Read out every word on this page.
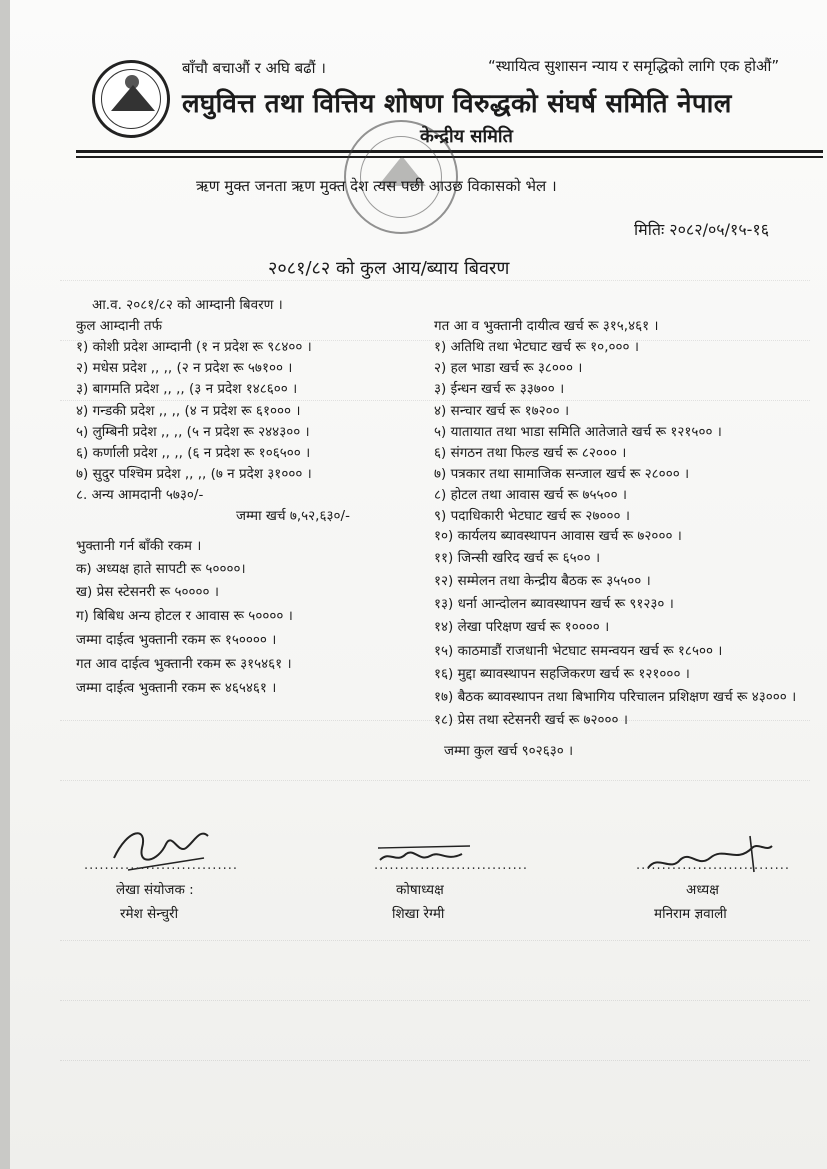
बाँचौ बचाऔं र अघि बढौं ।	“स्थायित्व सुशासन न्याय र समृद्धिको लागि एक होऔं”
लघुवित्त तथा वित्तिय शोषण विरुद्धको संघर्ष समिति नेपाल
केन्द्रीय समिति
ऋण मुक्त जनता ऋण मुक्त देश त्यस पछी आउछ विकासको भेल ।
मितिः २०८२/०५/१५-१६
२०८१/८२ को कुल आय/ब्याय बिवरण
आ.व. २०८१/८२ को आम्दानी बिवरण ।
कुल आम्दानी तर्फ
१) कोशी प्रदेश आम्दानी (१ न प्रदेश रू ९८४०० ।
२) मधेस प्रदेश ,, ,, (२ न प्रदेश रू ५७१०० ।
३) बागमति प्रदेश ,, ,, (३ न प्रदेश १४८६०० ।
४) गन्डकी प्रदेश ,, ,, (४ न प्रदेश रू ६१००० ।
५) लुम्बिनी प्रदेश ,, ,, (५ न प्रदेश रू २४४३०० ।
६) कर्णाली प्रदेश ,, ,, (६ न प्रदेश रू १०६५०० ।
७) सुदुर पश्चिम प्रदेश ,, ,, (७ न प्रदेश ३१००० ।
८. अन्य आमदानी ५७३०/-
जम्मा खर्च ७,५२,६३०/-
भुक्तानी गर्न बाँकी रकम ।
क) अध्यक्ष हाते सापटी रू ५००००।
ख) प्रेस स्टेसनरी रू ५०००० ।
ग) बिबिध अन्य होटल र आवास रू ५०००० ।
जम्मा दाईत्व भुक्तानी रकम रू १५०००० ।
गत आव दाईत्व भुक्तानी रकम रू ३१५४६१ ।
जम्मा दाईत्व भुक्तानी रकम रू ४६५४६१ ।
गत आ व भुक्तानी दायीत्व खर्च रू ३१५,४६१ ।
१) अतिथि तथा भेटघाट खर्च रू १०,००० ।
२) हल भाडा खर्च रू ३८००० ।
३) ईन्धन खर्च रू ३३७०० ।
४) सन्चार खर्च रू १७२०० ।
५) यातायात तथा भाडा समिति आतेजाते खर्च रू १२१५०० ।
६) संगठन तथा फिल्ड खर्च रू ८२००० ।
७) पत्रकार तथा सामाजिक सन्जाल खर्च रू २८००० ।
८) होटल तथा आवास खर्च रू ७५५०० ।
९) पदाधिकारी भेटघाट खर्च रू २७००० ।
१०) कार्यलय ब्यावस्थापन आवास खर्च रू ७२००० ।
११) जिन्सी खरिद खर्च रू ६५०० ।
१२) सम्मेलन तथा केन्द्रीय बैठक रू ३५५०० ।
१३) धर्ना आन्दोलन ब्यावस्थापन खर्च रू ९१२३० ।
१४) लेखा परिक्षण खर्च रू १०००० ।
१५) काठमाडौं राजधानी भेटघाट समन्वयन खर्च रू १८५०० ।
१६) मुद्दा ब्यावस्थापन सहजिकरण खर्च रू १२१००० ।
१७) बैठक ब्यावस्थापन तथा बिभागिय परिचालन प्रशिक्षण खर्च रू ४३००० ।
१८) प्रेस तथा स्टेसनरी खर्च रू ७२००० ।
जम्मा कुल खर्च ९०२६३० ।
..............................
लेखा संयोजक :
रमेश सेन्चुरी
..............................
कोषाध्यक्ष
शिखा रेग्मी
..............................
अध्यक्ष
मनिराम ज्ञवाली
